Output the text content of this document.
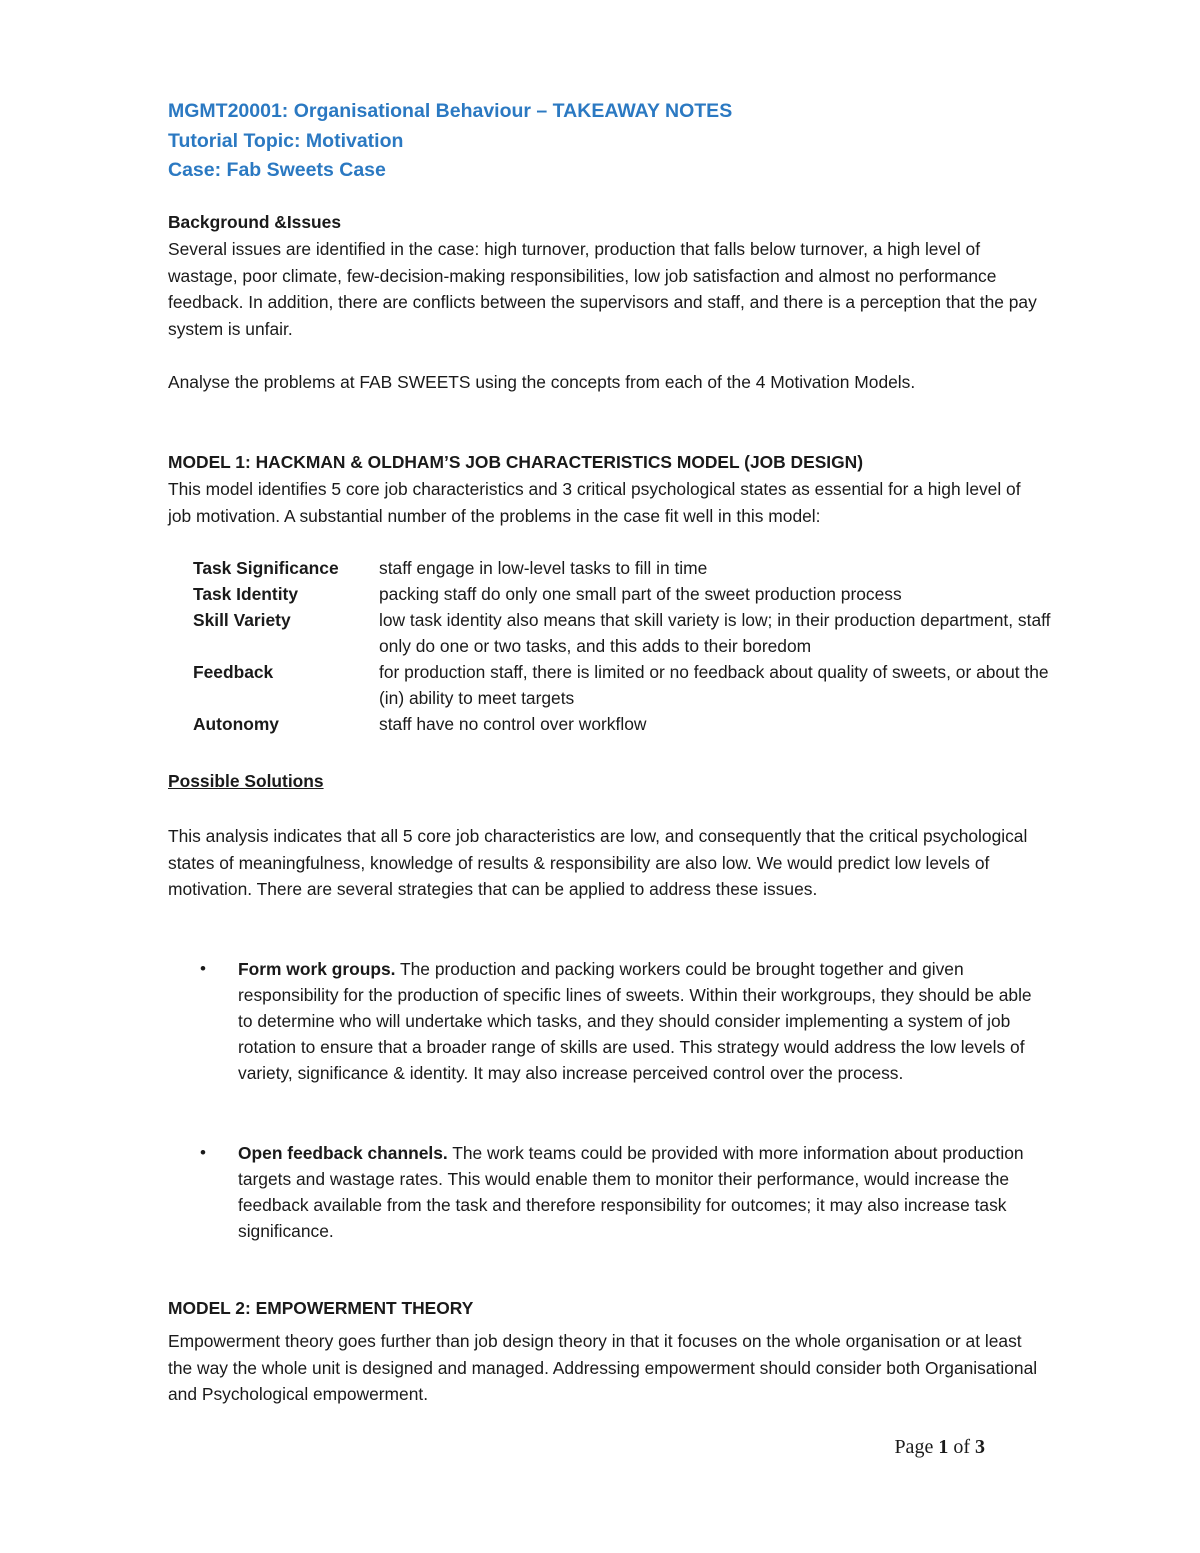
MGMT20001: Organisational Behaviour – TAKEAWAY NOTES
Tutorial Topic: Motivation
Case: Fab Sweets Case

Background &Issues

Several issues are identified in the case: high turnover, production that falls below turnover, a high level of wastage, poor climate, few-decision-making responsibilities, low job satisfaction and almost no performance feedback. In addition, there are conflicts between the supervisors and staff, and there is a perception that the pay system is unfair.

Analyse the problems at FAB SWEETS using the concepts from each of the 4 Motivation Models.

MODEL 1: HACKMAN & OLDHAM’S JOB CHARACTERISTICS MODEL (JOB DESIGN)

This model identifies 5 core job characteristics and 3 critical psychological states as essential for a high level of job motivation. A substantial number of the problems in the case fit well in this model:

Task Significance	staff engage in low-level tasks to fill in time
Task Identity	packing staff do only one small part of the sweet production process
Skill Variety	low task identity also means that skill variety is low; in their production department, staff only do one or two tasks, and this adds to their boredom
Feedback	for production staff, there is limited or no feedback about quality of sweets, or about the (in) ability to meet targets
Autonomy	staff have no control over workflow

Possible Solutions

This analysis indicates that all 5 core job characteristics are low, and consequently that the critical psychological states of meaningfulness, knowledge of results & responsibility are also low. We would predict low levels of motivation. There are several strategies that can be applied to address these issues.

• Form work groups. The production and packing workers could be brought together and given responsibility for the production of specific lines of sweets. Within their workgroups, they should be able to determine who will undertake which tasks, and they should consider implementing a system of job rotation to ensure that a broader range of skills are used. This strategy would address the low levels of variety, significance & identity. It may also increase perceived control over the process.
• Open feedback channels. The work teams could be provided with more information about production targets and wastage rates. This would enable them to monitor their performance, would increase the feedback available from the task and therefore responsibility for outcomes; it may also increase task significance.

MODEL 2: EMPOWERMENT THEORY

Empowerment theory goes further than job design theory in that it focuses on the whole organisation or at least the way the whole unit is designed and managed. Addressing empowerment should consider both Organisational and Psychological empowerment.

Page 1 of 3
